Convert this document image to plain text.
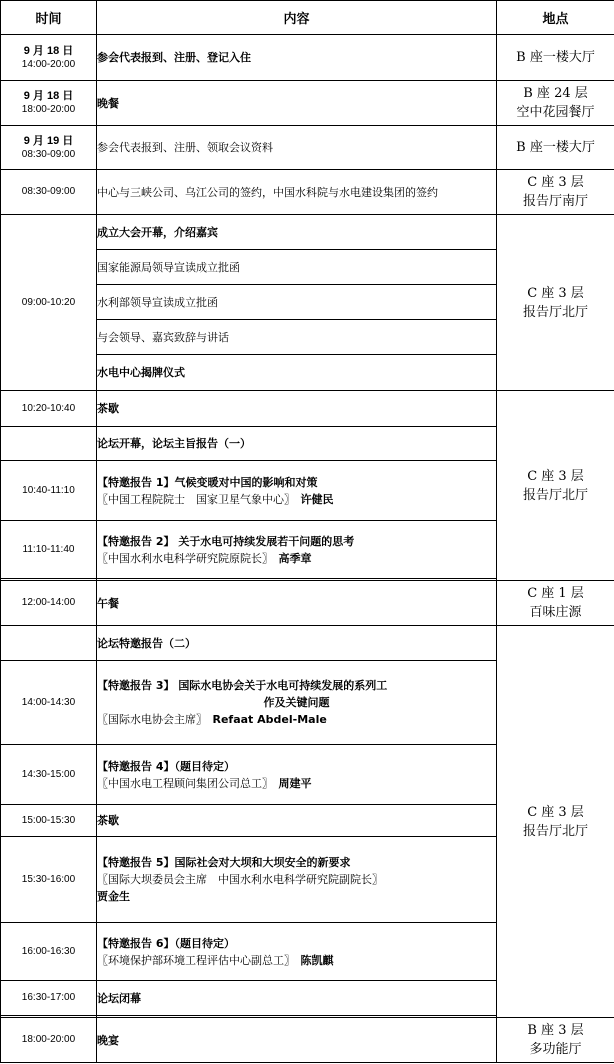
时间	内容	地点

9 月 18 日
14:00-20:00	参会代表报到、注册、登记入住	B 座一楼大厅

9 月 18 日
18:00-20:00	晚餐	B 座 24 层
空中花园餐厅

9 月 19 日
08:30-09:00	参会代表报到、注册、领取会议资料	B 座一楼大厅

08:30-09:00	中心与三峡公司、乌江公司的签约，中国水科院与水电建设集团的签约	C 座 3 层
报告厅南厅

09:00-10:20	成立大会开幕，介绍嘉宾	C 座 3 层
报告厅北厅

	国家能源局领导宣读成立批函	
	水利部领导宣读成立批函	
	与会领导、嘉宾致辞与讲话	
	水电中心揭牌仪式	
10:20-10:40	茶歇	C 座 3 层
报告厅北厅

	论坛开幕，论坛主旨报告（一）	
10:40-11:10	【特邀报告 1】气候变暖对中国的影响和对策
〖中国工程院院士　国家卫星气象中心〗　 许健民	

11:10-11:40	【特邀报告 2】 关于水电可持续发展若干问题的思考
〖中国水利水电科学研究院原院长〗　 高季章	

12:00-14:00	午餐	C 座 1 层
百味庄源

	论坛特邀报告（二）	C 座 3 层
报告厅北厅

14:00-14:30	【特邀报告 3】 国际水电协会关于水电可持续发展的系列工
作及关键问题
〖国际水电协会主席〗　 Refaat Abdel-Male	

14:30-15:00	【特邀报告 4】（题目待定）
〖中国水电工程顾问集团公司总工〗　 周建平	

15:00-15:30	茶歇	
15:30-16:00	【特邀报告 5】国际社会对大坝和大坝安全的新要求
〖国际大坝委员会主席　中国水利水电科学研究院副院长〗
贾金生	

16:00-16:30	【特邀报告 6】（题目待定）
〖环境保护部环境工程评估中心副总工〗　 陈凯麒	

16:30-17:00	论坛闭幕	

18:00-20:00	晚宴	B 座 3 层
多功能厅
